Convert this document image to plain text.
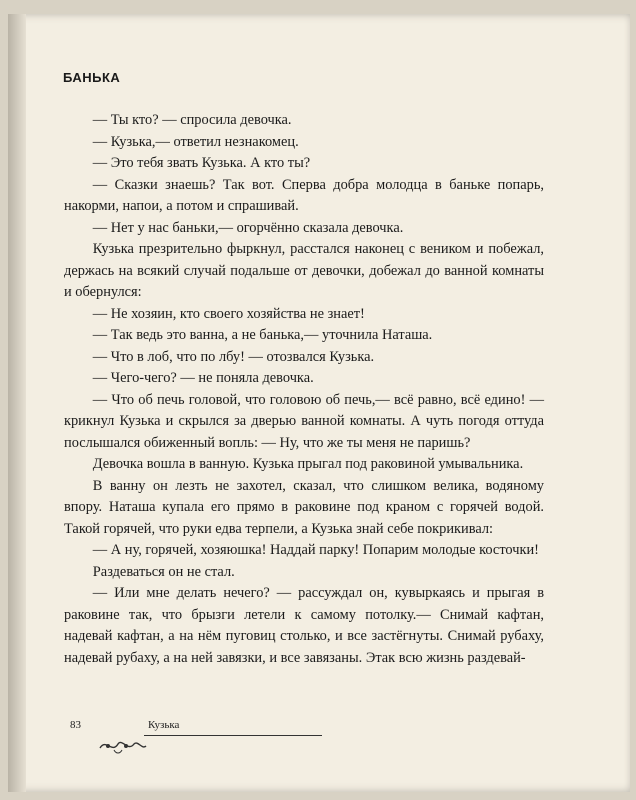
БАНЬКА

— Ты кто? — спросила девочка.

— Кузька,— ответил незнакомец.

— Это тебя звать Кузька. А кто ты?

— Сказки знаешь? Так вот. Сперва добра молодца в баньке попарь, накорми, напои, а потом и спрашивай.

— Нет у нас баньки,— огорчённо сказала девочка.

Кузька презрительно фыркнул, расстался наконец с веником и побежал, держась на всякий случай подальше от девочки, добежал до ванной комнаты и обернулся:

— Не хозяин, кто своего хозяйства не знает!

— Так ведь это ванна, а не банька,— уточнила Наташа.

— Что в лоб, что по лбу! — отозвался Кузька.

— Чего-чего? — не поняла девочка.

— Что об печь головой, что головою об печь,— всё равно, всё едино! — крикнул Кузька и скрылся за дверью ванной комнаты. А чуть погодя оттуда послышался обиженный вопль: — Ну, что же ты меня не паришь?

Девочка вошла в ванную. Кузька прыгал под раковиной умывальника.

В ванну он лезть не захотел, сказал, что слишком велика, водяному впору. Наташа купала его прямо в раковине под краном с горячей водой. Такой горячей, что руки едва терпели, а Кузька знай себе покрикивал:

— А ну, горячей, хозяюшка! Наддай парку! Попарим молодые косточки!

Раздеваться он не стал.

— Или мне делать нечего? — рассуждал он, кувыркаясь и прыгая в раковине так, что брызги летели к самому потолку.— Снимай кафтан, надевай кафтан, а на нём пуговиц столько, и все застёгнуты. Снимай рубаху, надевай рубаху, а на ней завязки, и все завязаны. Этак всю жизнь раздевай-

83	Кузька
